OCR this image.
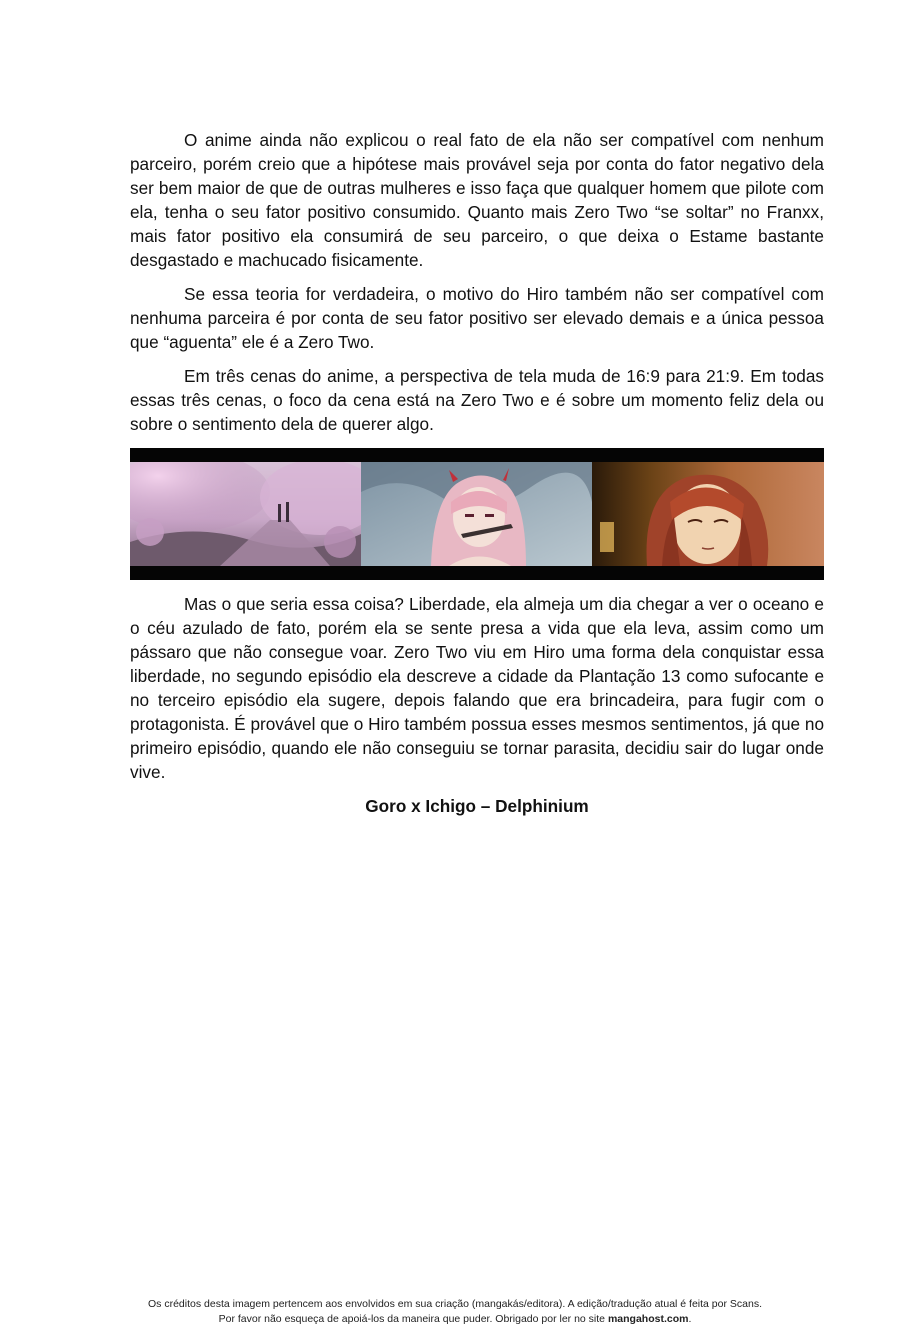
O anime ainda não explicou o real fato de ela não ser compatível com nenhum parceiro, porém creio que a hipótese mais provável seja por conta do fator negativo dela ser bem maior de que de outras mulheres e isso faça que qualquer homem que pilote com ela, tenha o seu fator positivo consumido. Quanto mais Zero Two “se soltar” no Franxx, mais fator positivo ela consumirá de seu parceiro, o que deixa o Estame bastante desgastado e machucado fisicamente.

Se essa teoria for verdadeira, o motivo do Hiro também não ser compatível com nenhuma parceira é por conta de seu fator positivo ser elevado demais e a única pessoa que “aguenta” ele é a Zero Two.

Em três cenas do anime, a perspectiva de tela muda de 16:9 para 21:9. Em todas essas três cenas, o foco da cena está na Zero Two e é sobre um momento feliz dela ou sobre o sentimento dela de querer algo.

Mas o que seria essa coisa? Liberdade, ela almeja um dia chegar a ver o oceano e o céu azulado de fato, porém ela se sente presa a vida que ela leva, assim como um pássaro que não consegue voar. Zero Two viu em Hiro uma forma dela conquistar essa liberdade, no segundo episódio ela descreve a cidade da Plantação 13 como sufocante e no terceiro episódio ela sugere, depois falando que era brincadeira, para fugir com o protagonista. É provável que o Hiro também possua esses mesmos sentimentos, já que no primeiro episódio, quando ele não conseguiu se tornar parasita, decidiu sair do lugar onde vive.

Goro x Ichigo – Delphinium
Os créditos desta imagem pertencem aos envolvidos em sua criação (mangakás/editora). A edição/tradução atual é feita por Scans.
Por favor não esqueça de apoiá-los da maneira que puder. Obrigado por ler no site mangahost.com.
